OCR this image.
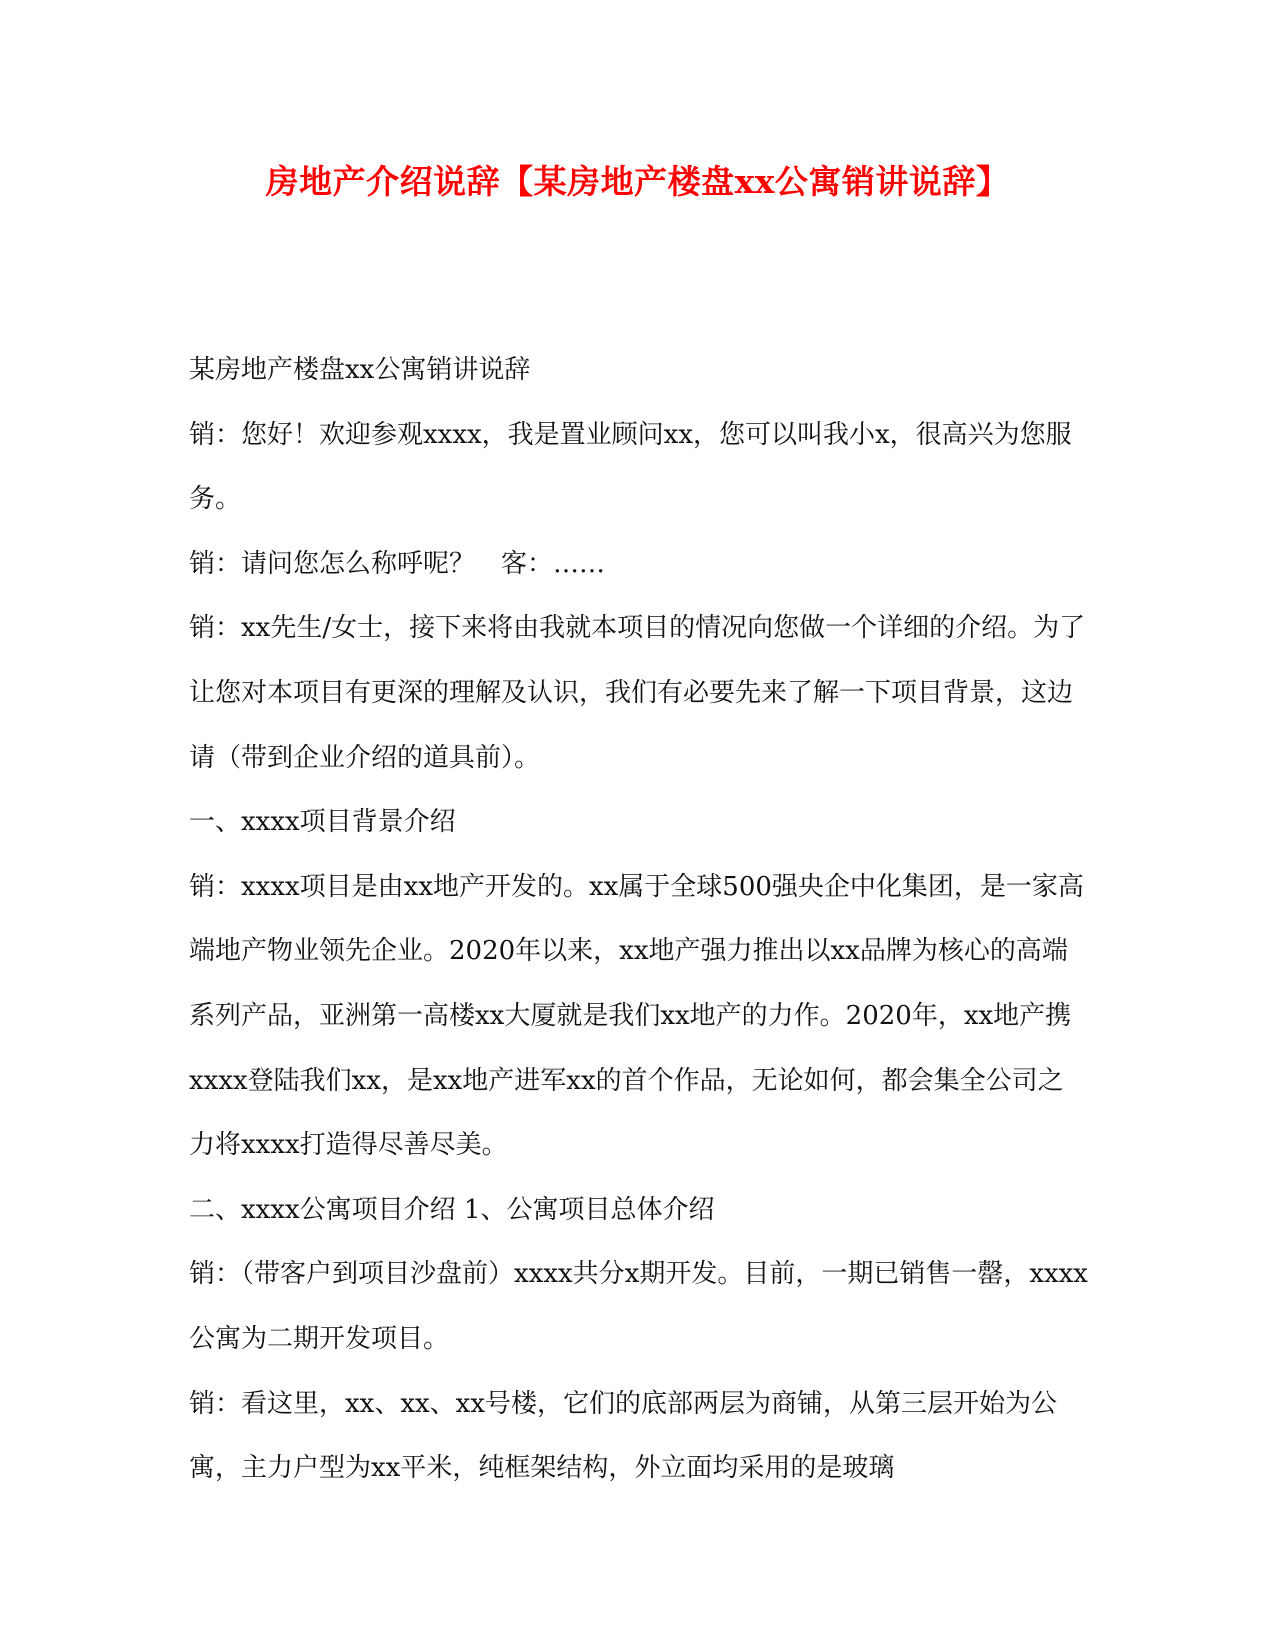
房地产介绍说辞【某房地产楼盘xx公寓销讲说辞】

某房地产楼盘xx公寓销讲说辞

销：您好！欢迎参观xxxx，我是置业顾问xx，您可以叫我小x，很高兴为您服务。

销：请问您怎么称呼呢？　客：……

销：xx先生/女士，接下来将由我就本项目的情况向您做一个详细的介绍。为了让您对本项目有更深的理解及认识，我们有必要先来了解一下项目背景，这边请（带到企业介绍的道具前）。

一、xxxx项目背景介绍

销：xxxx项目是由xx地产开发的。xx属于全球500强央企中化集团，是一家高端地产物业领先企业。2020年以来，xx地产强力推出以xx品牌为核心的高端系列产品，亚洲第一高楼xx大厦就是我们xx地产的力作。2020年，xx地产携xxxx登陆我们xx，是xx地产进军xx的首个作品，无论如何，都会集全公司之力将xxxx打造得尽善尽美。

二、xxxx公寓项目介绍 1、公寓项目总体介绍

销：（带客户到项目沙盘前）xxxx共分x期开发。目前，一期已销售一罄，xxxx公寓为二期开发项目。

销：看这里，xx、xx、xx号楼，它们的底部两层为商铺，从第三层开始为公寓，主力户型为xx平米，纯框架结构，外立面均采用的是玻璃
